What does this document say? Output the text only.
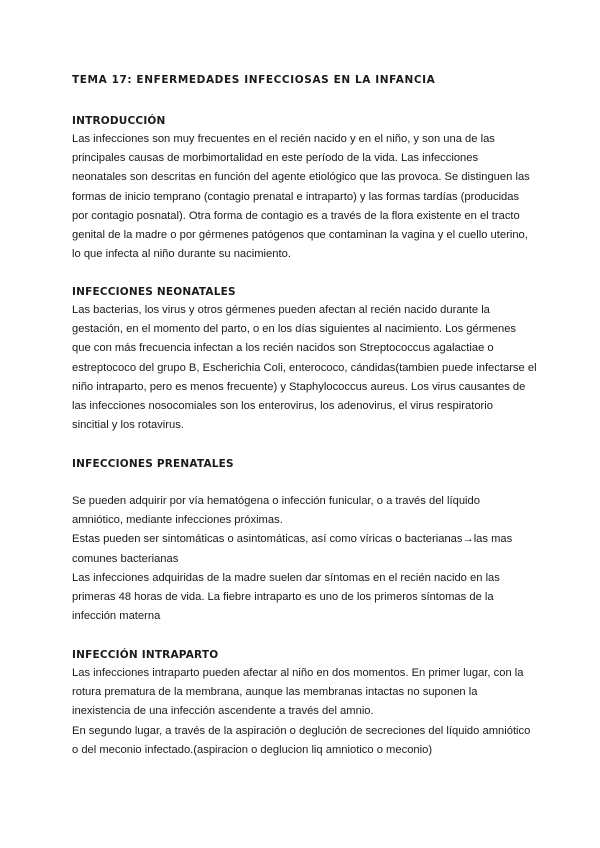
TEMA 17: ENFERMEDADES INFECCIOSAS EN LA INFANCIA
INTRODUCCIÓN

Las infecciones son muy frecuentes en el recién nacido y en el niño, y son una de las
principales causas de morbimortalidad en este período de la vida. Las infecciones
neonatales son descritas en función del agente etiológico que las provoca. Se distinguen las
formas de inicio temprano (contagio prenatal e intraparto) y las formas tardías (producidas
por contagio posnatal). Otra forma de contagio es a través de la flora existente en el tracto
genital de la madre o por gérmenes patógenos que contaminan la vagina y el cuello uterino,
lo que infecta al niño durante su nacimiento.

INFECCIONES NEONATALES

Las bacterias, los virus y otros gérmenes pueden afectan al recién nacido durante la
gestación, en el momento del parto, o en los días siguientes al nacimiento. Los gérmenes
que con más frecuencia infectan a los recién nacidos son Streptococcus agalactiae o
estreptococo del grupo B, Escherichia Coli, enterococo, cándidas(tambien puede infectarse el
niño intraparto, pero es menos frecuente) y Staphylococcus aureus. Los virus causantes de
las infecciones nosocomiales son los enterovirus, los adenovirus, el virus respiratorio
sincitial y los rotavirus.

INFECCIONES PRENATALES

Se pueden adquirir por vía hematógena o infección funicular, o a través del líquido
amniótico, mediante infecciones próximas.
Estas pueden ser sintomáticas o asintomáticas, así como víricas o bacterianas→las mas
comunes bacterianas
Las infecciones adquiridas de la madre suelen dar síntomas en el recién nacido en las
primeras 48 horas de vida. La fiebre intraparto es uno de los primeros síntomas de la
infección materna

INFECCIÓN INTRAPARTO

Las infecciones intraparto pueden afectar al niño en dos momentos. En primer lugar, con la
rotura prematura de la membrana, aunque las membranas intactas no suponen la
inexistencia de una infección ascendente a través del amnio.
En segundo lugar, a través de la aspiración o deglución de secreciones del líquido amniótico
o del meconio infectado.(aspiracion o deglucion liq amniotico o meconio)
